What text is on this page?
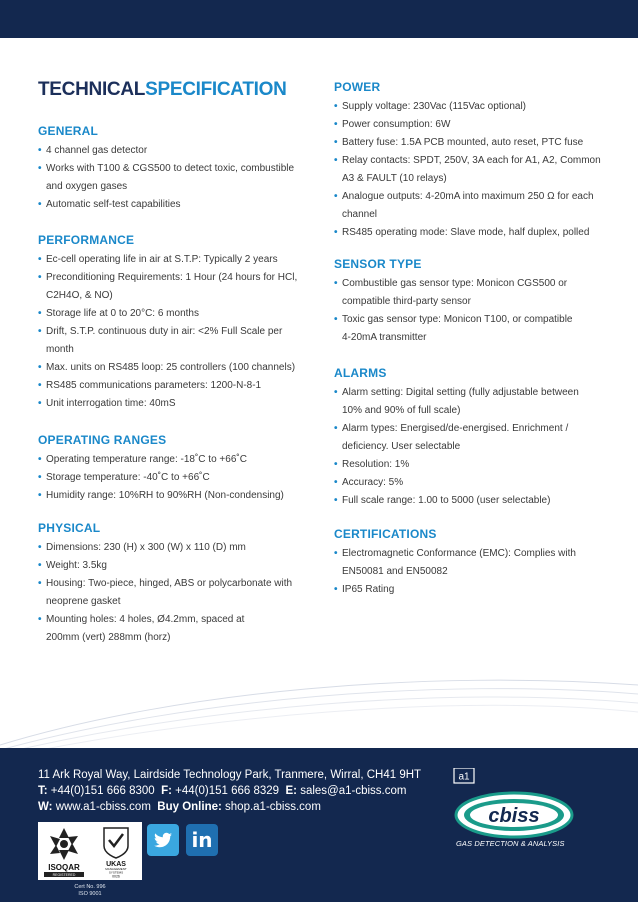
TECHNICALSPECIFICATION
GENERAL
• 4 channel gas detector
• Works with T100 & CGS500 to detect toxic, combustible
and oxygen gases
• Automatic self-test capabilities
PERFORMANCE
• Ec-cell operating life in air at S.T.P: Typically 2 years
• Preconditioning Requirements: 1 Hour (24 hours for HCl,
C2H4O, & NO)
• Storage life at 0 to 20°C: 6 months
• Drift, S.T.P. continuous duty in air: <2% Full Scale per
month
• Max. units on RS485 loop: 25 controllers (100 channels)
• RS485 communications parameters: 1200-N-8-1
• Unit interrogation time: 40mS
OPERATING RANGES
• Operating temperature range: -18˚C to +66˚C
• Storage temperature: -40˚C to +66˚C
• Humidity range: 10%RH to 90%RH (Non-condensing)
PHYSICAL
• Dimensions: 230 (H) x 300 (W) x 110 (D) mm
• Weight: 3.5kg
• Housing: Two-piece, hinged, ABS or polycarbonate with
neoprene gasket
• Mounting holes: 4 holes, Ø4.2mm, spaced at
200mm (vert) 288mm (horz)
POWER
• Supply voltage: 230Vac (115Vac optional)
• Power consumption: 6W
• Battery fuse: 1.5A PCB mounted, auto reset, PTC fuse
• Relay contacts: SPDT, 250V, 3A each for A1, A2, Common
A3 & FAULT (10 relays)
• Analogue outputs: 4-20mA into maximum 250 Ω for each
channel
• RS485 operating mode: Slave mode, half duplex, polled
SENSOR TYPE
• Combustible gas sensor type: Monicon CGS500 or
compatible third-party sensor
• Toxic gas sensor type: Monicon T100, or compatible
4-20mA transmitter
ALARMS
• Alarm setting: Digital setting (fully adjustable between
10% and 90% of full scale)
• Alarm types: Energised/de-energised. Enrichment /
deficiency. User selectable
• Resolution: 1%
• Accuracy: 5%
• Full scale range: 1.00 to 5000 (user selectable)
CERTIFICATIONS
• Electromagnetic Conformance (EMC): Complies with
EN50081 and EN50082
• IP65 Rating
11 Ark Royal Way, Lairdside Technology Park, Tranmere, Wirral, CH41 9HT
T: +44(0)151 666 8300 F: +44(0)151 666 8329 E: sales@a1-cbiss.com
W: www.a1-cbiss.com Buy Online: shop.a1-cbiss.com
ISOQAR
REGISTERED
UKAS
MANAGEMENT
SYSTEMS
0026
Cert No. 996
ISO 9001
in
a1
cbiss
GAS DETECTION & ANALYSIS
